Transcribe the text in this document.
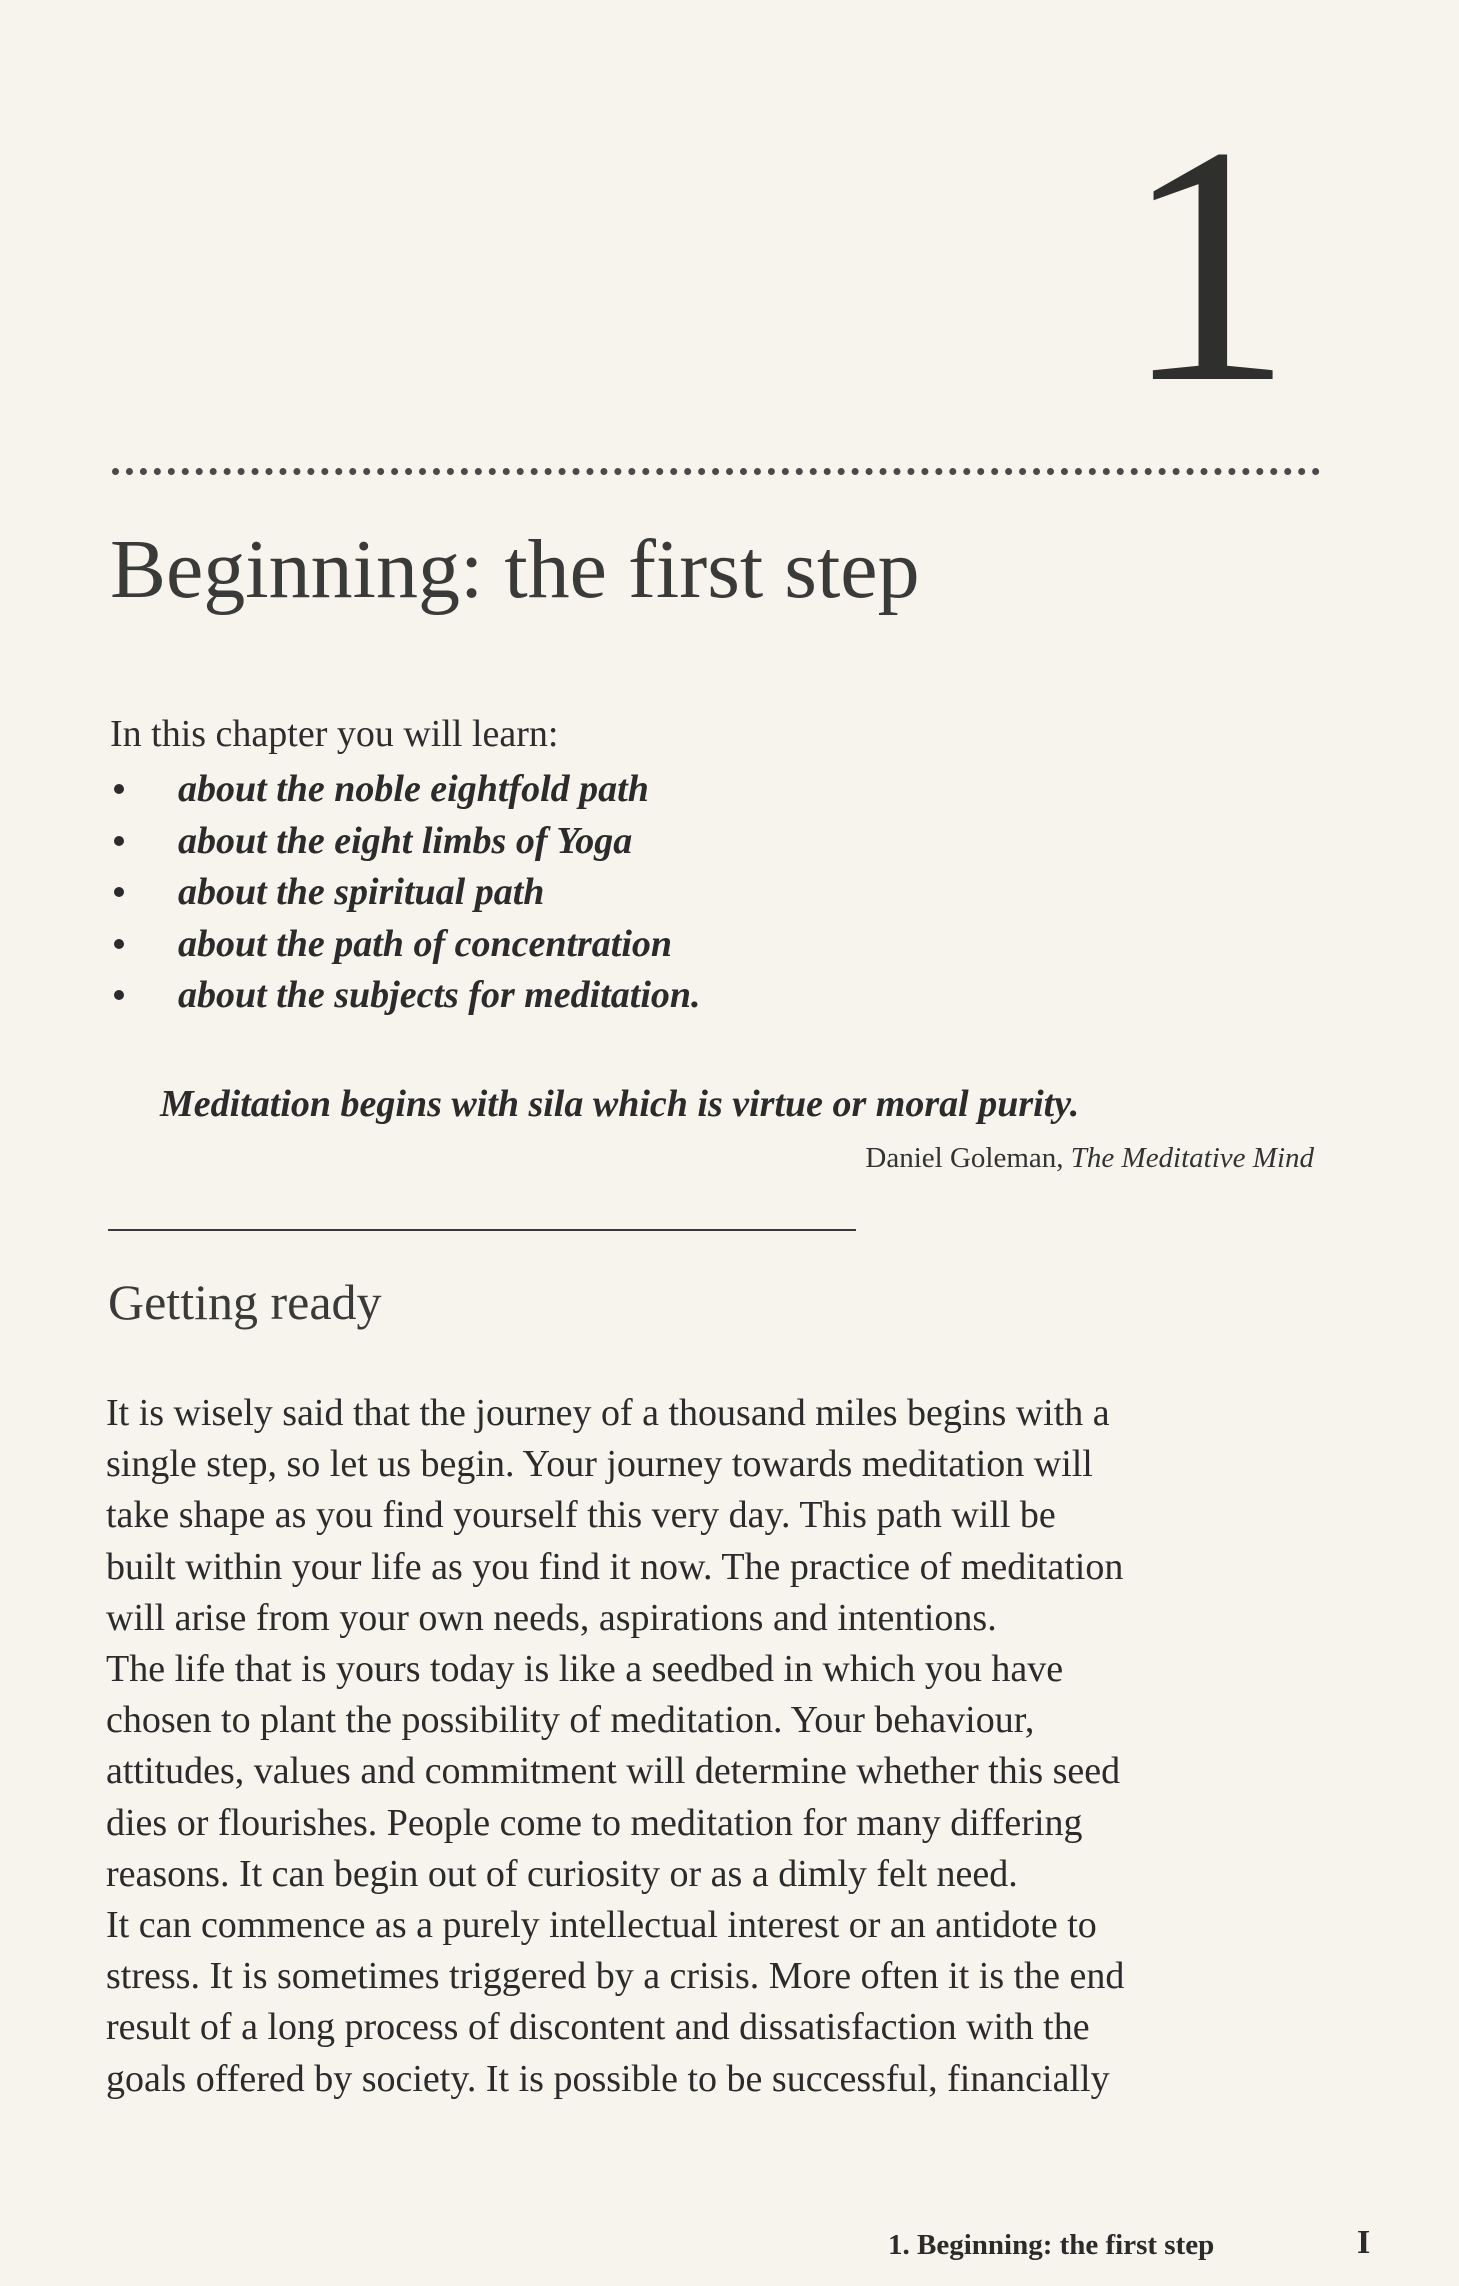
1
Beginning: the first step
In this chapter you will learn:
about the noble eightfold path
about the eight limbs of Yoga
about the spiritual path
about the path of concentration
about the subjects for meditation.
Meditation begins with sila which is virtue or moral purity.
Daniel Goleman, The Meditative Mind
Getting ready
It is wisely said that the journey of a thousand miles begins with a
single step, so let us begin. Your journey towards meditation will
take shape as you find yourself this very day. This path will be
built within your life as you find it now. The practice of meditation
will arise from your own needs, aspirations and intentions.
The life that is yours today is like a seedbed in which you have
chosen to plant the possibility of meditation. Your behaviour,
attitudes, values and commitment will determine whether this seed
dies or flourishes. People come to meditation for many differing
reasons. It can begin out of curiosity or as a dimly felt need.
It can commence as a purely intellectual interest or an antidote to
stress. It is sometimes triggered by a crisis. More often it is the end
result of a long process of discontent and dissatisfaction with the
goals offered by society. It is possible to be successful, financially
1. Beginning: the first step	I
